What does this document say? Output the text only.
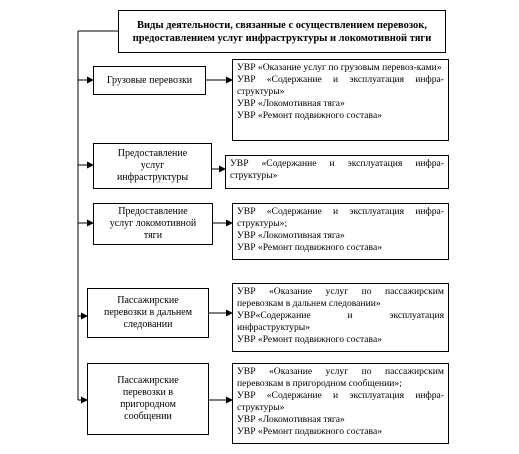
Виды деятельности, связанные с осуществлением перевозок,
предоставлением услуг инфраструктуры и локомотивной тяги
Грузовые перевозки
УВР «Оказание услуг по грузовым перевоз-ками»
УВР «Содержание и эксплуатация инфра-структуры»
УВР «Локомотивная тяга»
УВР «Ремонт подвижного состава»
Предоставление
услуг
инфраструктуры
УВР «Содержание и эксплуатация инфра-структуры»
Предоставление
услуг локомотивной
тяги
УВР «Содержание и эксплуатация инфра-структуры»;
УВР «Локомотивная тяга»
УВР «Ремонт подвижного состава»
Пассажирские
перевозки в дальнем
следовании
УВР «Оказание услуг по пассажирским перевозкам в дальнем следовании»
УВР«Содержание и эксплуатация инфраструктуры»
УВР «Ремонт подвижного состава»
Пассажирские
перевозки в
пригородном
сообщении
УВР «Оказание услуг по пассажирским перевозкам в пригородном сообщении»;
УВР «Содержание и эксплуатация инфра-структуры»
УВР «Локомотивная тяга»
УВР «Ремонт подвижного состава»
